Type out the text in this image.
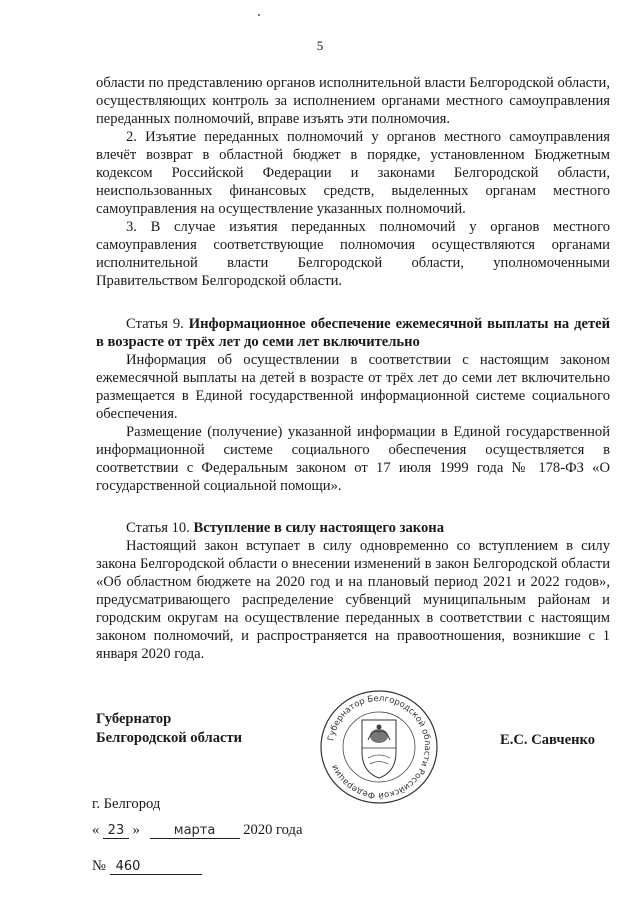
5

области по представлению органов исполнительной власти Белгородской области, осуществляющих контроль за исполнением органами местного самоуправления переданных полномочий, вправе изъять эти полномочия.

2. Изъятие переданных полномочий у органов местного самоуправления влечёт возврат в областной бюджет в порядке, установленном Бюджетным кодексом Российской Федерации и законами Белгородской области, неиспользованных финансовых средств, выделенных органам местного самоуправления на осуществление указанных полномочий.

3. В случае изъятия переданных полномочий у органов местного самоуправления соответствующие полномочия осуществляются органами исполнительной власти Белгородской области, уполномоченными Правительством Белгородской области.

Статья 9. Информационное обеспечение ежемесячной выплаты на детей в возрасте от трёх лет до семи лет включительно

Информация об осуществлении в соответствии с настоящим законом ежемесячной выплаты на детей в возрасте от трёх лет до семи лет включительно размещается в Единой государственной информационной системе социального обеспечения.

Размещение (получение) указанной информации в Единой государственной информационной системе социального обеспечения осуществляется в соответствии с Федеральным законом от 17 июля 1999 года № 178-ФЗ «О государственной социальной помощи».

Статья 10. Вступление в силу настоящего закона

Настоящий закон вступает в силу одновременно со вступлением в силу закона Белгородской области о внесении изменений в закон Белгородской области «Об областном бюджете на 2020 год и на плановый период 2021 и 2022 годов», предусматривающего распределение субвенций муниципальным районам и городским округам на осуществление переданных в соответствии с настоящим законом полномочий, и распространяется на правоотношения, возникшие с 1 января 2020 года.

Губернатор
Белгородской области	Губернатор Белгородской области Российской Федерации
Е.С. Савченко
г. Белгород
« 23 »	марта 2020 года
№ 460
